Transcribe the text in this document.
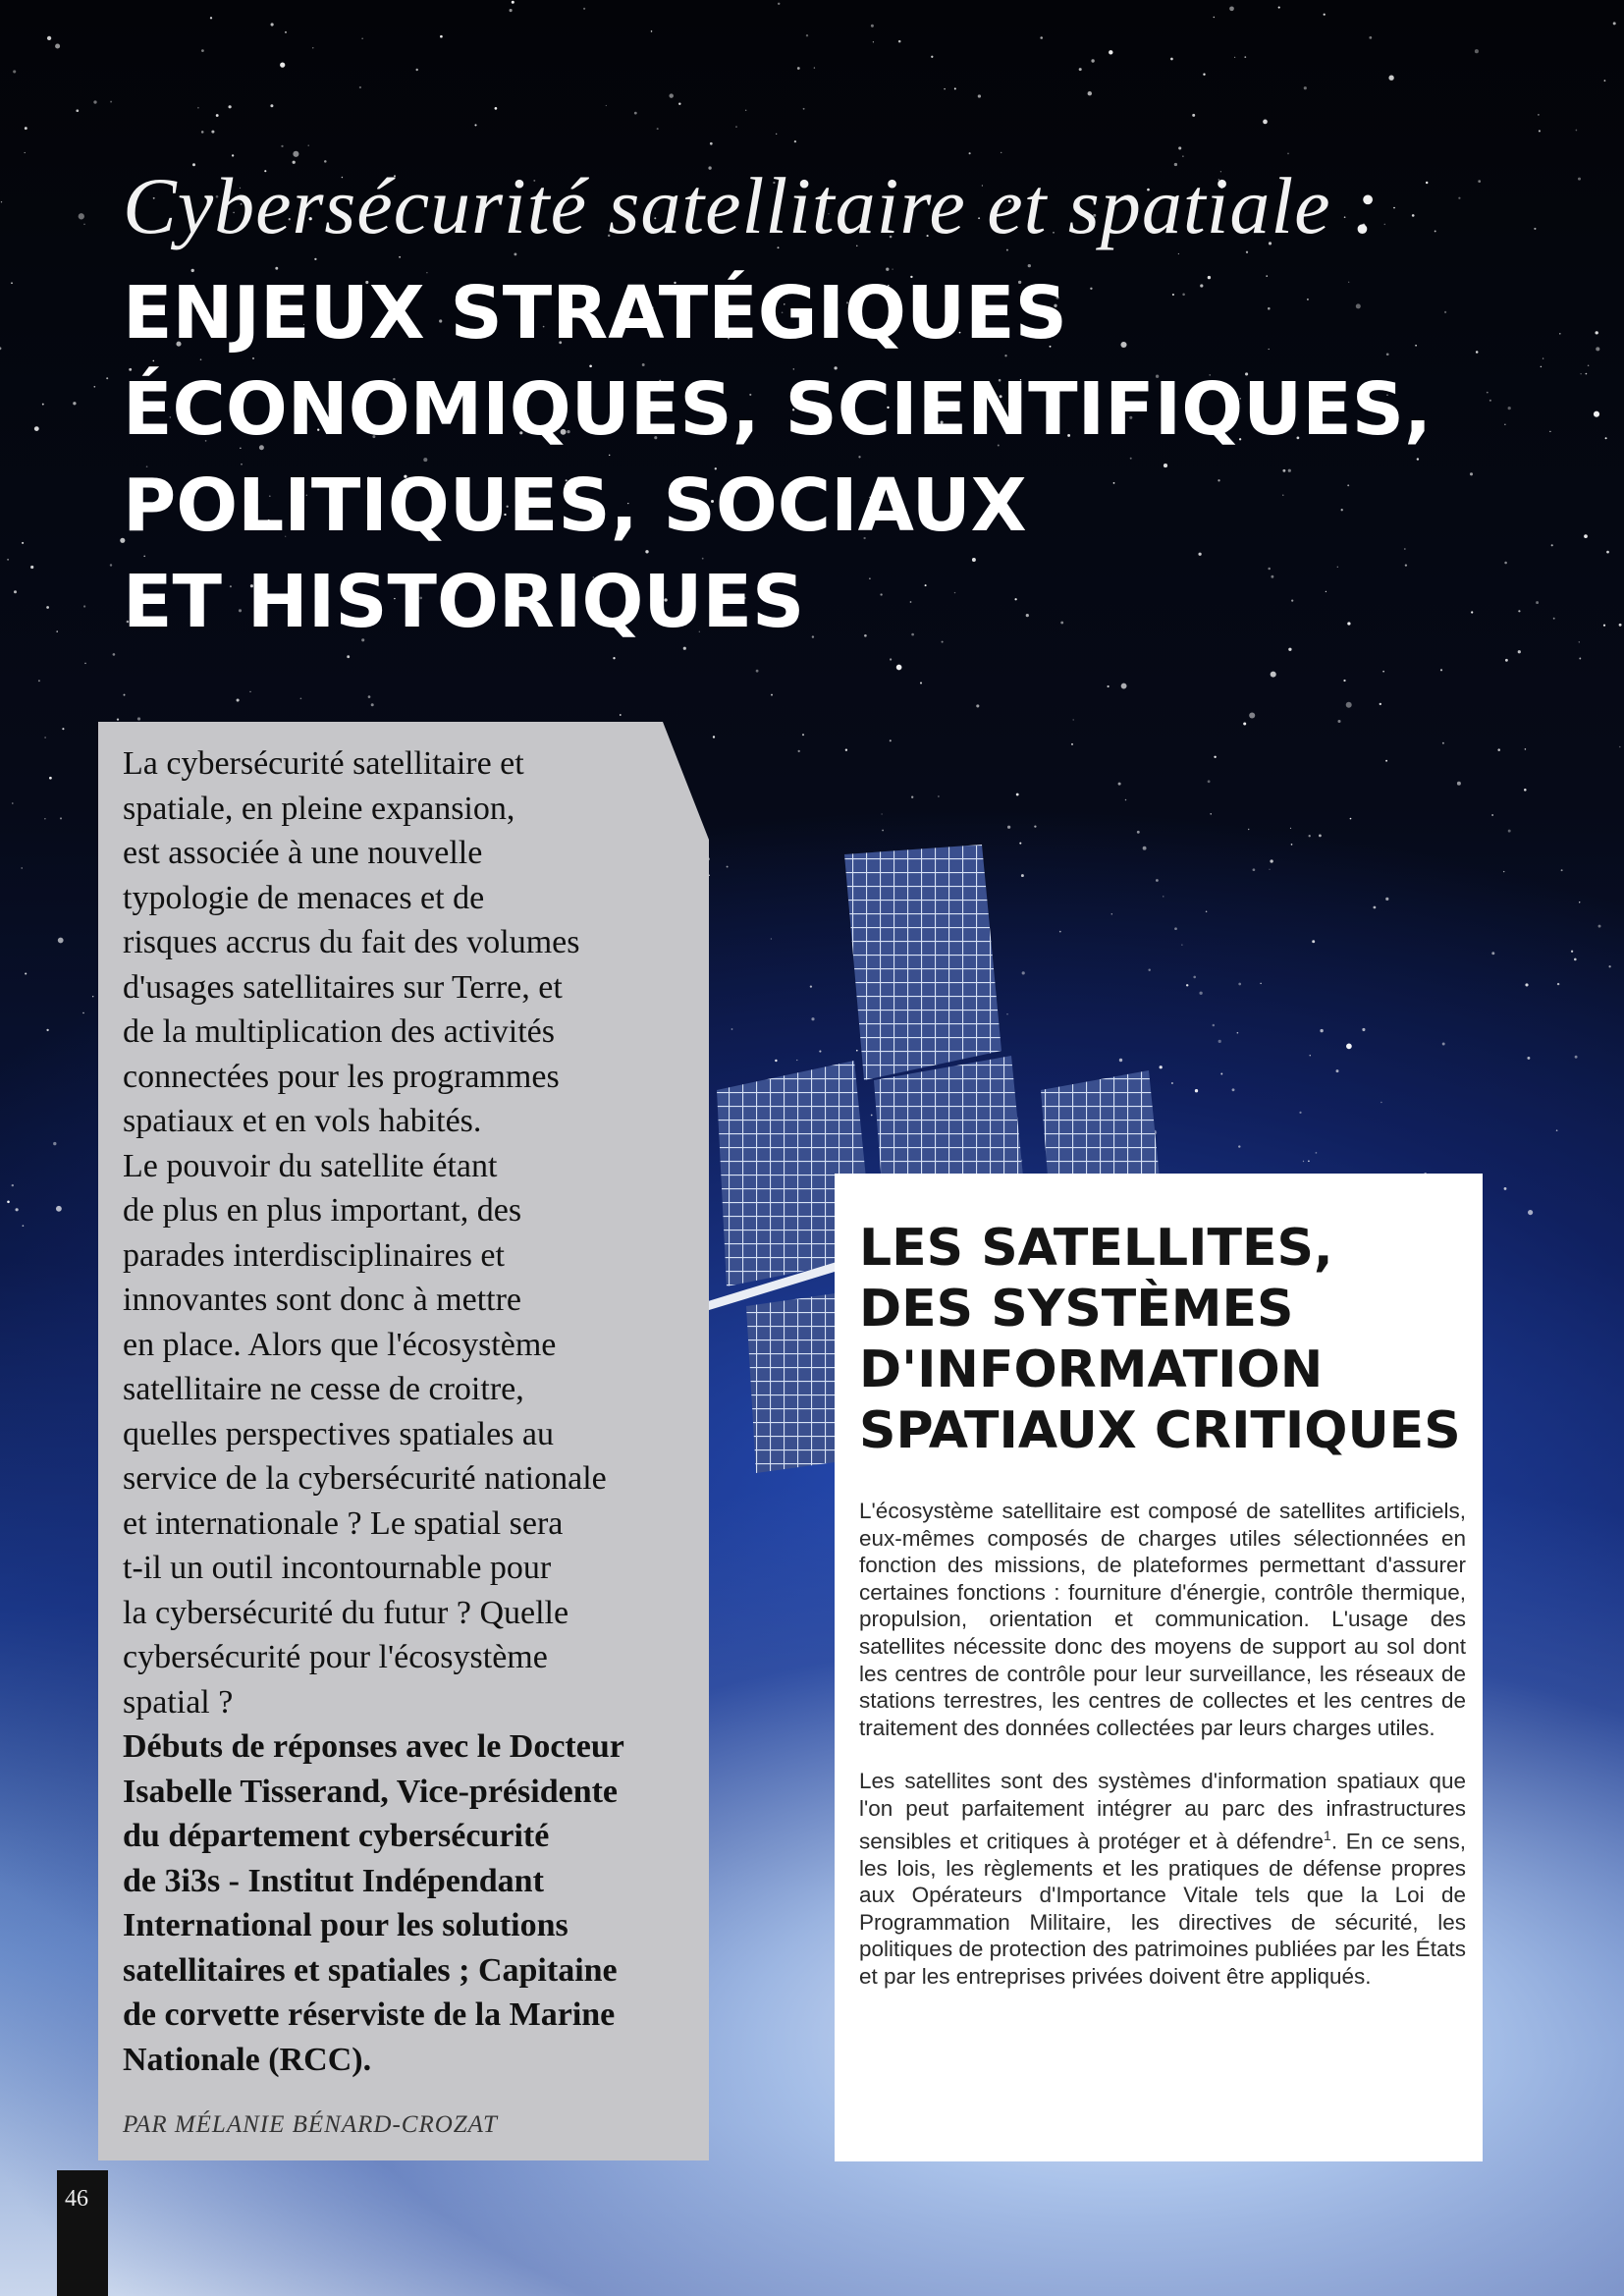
Cybersécurité satellitaire et spatiale :
ENJEUX STRATÉGIQUES
ÉCONOMIQUES, SCIENTIFIQUES,
POLITIQUES, SOCIAUX
ET HISTORIQUES

La cybersécurité satellitaire et
spatiale, en pleine expansion,
est associée à une nouvelle
typologie de menaces et de
risques accrus du fait des volumes
d'usages satellitaires sur Terre, et
de la multiplication des activités
connectées pour les programmes
spatiaux et en vols habités.
Le pouvoir du satellite étant
de plus en plus important, des
parades interdisciplinaires et
innovantes sont donc à mettre
en place. Alors que l'écosystème
satellitaire ne cesse de croitre,
quelles perspectives spatiales au
service de la cybersécurité nationale
et internationale ? Le spatial sera
t-il un outil incontournable pour
la cybersécurité du futur ? Quelle
cybersécurité pour l'écosystème
spatial ?

Débuts de réponses avec le Docteur
Isabelle Tisserand, Vice-présidente
du département cybersécurité
de 3i3s - Institut Indépendant
International pour les solutions
satellitaires et spatiales ; Capitaine
de corvette réserviste de la Marine
Nationale (RCC).

PAR MÉLANIE BÉNARD-CROZAT
LES SATELLITES,
DES SYSTÈMES
D'INFORMATION
SPATIAUX CRITIQUES

L'écosystème satellitaire est composé de satellites artificiels, eux-mêmes composés de charges utiles sélectionnées en fonction des missions, de plateformes permettant d'assurer certaines fonctions : fourniture d'énergie, contrôle thermique, propulsion, orientation et communication. L'usage des satellites nécessite donc des moyens de support au sol dont les centres de contrôle pour leur surveillance, les réseaux de stations terrestres, les centres de collectes et les centres de traitement des données collectées par leurs charges utiles.

Les satellites sont des systèmes d'information spatiaux que l'on peut parfaitement intégrer au parc des infrastructures sensibles et critiques à protéger et à défendre$^1$. En ce sens, les lois, les règlements et les pratiques de défense propres aux Opérateurs d'Importance Vitale tels que la Loi de Programmation Militaire, les directives de sécurité, les politiques de protection des patrimoines publiées par les États et par les entreprises privées doivent être appliqués.

46
